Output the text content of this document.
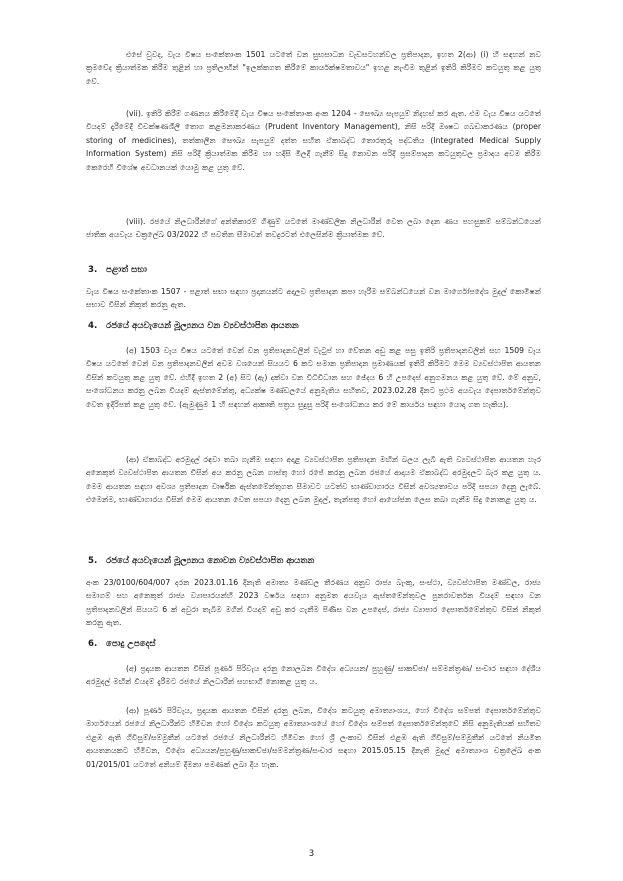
එසේ වුවද, වැය විෂය සංකේතාංක 1501 යටතේ වන සුභසාධන වැඩසටහන්වල ප්‍රතිපාදන, ඉහත 2(ආ) (i) හි සඳහන් නව ක්‍රමවේද ක්‍රියාත්මක කිරීම තුළින් හා ප්‍රතිලාභීන් "ඉලක්කගත කිරීමේ කාර්යක්ෂමතාවය" ඉහළ නැංවීම තුළින් ඉතිරි කිරීමට කටයුතු කළ යුතු වේ.

(vii). ඉතිරි කිරීම් ගණනය කිරීමේදී වැය විෂය සංකේතාංක අංක 1204 - සෞඛ්‍ය සැපයුම් නිදහස් කර ඇත. එම වැය විෂය යටතේ වියදම් දැරීමේදී විචක්ෂණශීලී තොග කළමනාකරණය (Prudent Inventory Management), නිසි පරිදි ඖෂධ ගබඩාකරණය (proper storing of medicines), තත්කාලීන සෞඛ්‍ය සැපයුම් දත්ත සහිත ඒකාබද්ධ තොරතුරු පද්ධතිය (Integrated Medical Supply Information System) නිසි පරිදි ක්‍රියාත්මක කිරීම හා හදිසි මිලදී ගැනීම් සිදු නොවන පරිදි ප්‍රසම්පාදන කටයුතුවල ප්‍රමාදය අවම කිරීම කෙරෙහි විශේෂ අවධානයක් යොමු කළ යුතු වේ.

(viii). රජයේ නිලධාරීන්ගේ අන්තිකාරම් ගිණුම් යටතේ මාණ්ඩලික නිලධාරීන් වෙත ලබා දෙන ණය පහසුකම් සම්බන්ධයෙන් ජාතික අයවැය චක්‍රලේඛ 03/2022 හි පවතින සීමාවන් තවදුරටත් එලෙසින්ම ක්‍රියාත්මක වේ.

3. පළාත් සභා

වැය විෂය සංකේතාංක 1507 - පළාත් සභා සඳහා ප්‍රදානයන්ට අදාලව ප්‍රතිපාදන කපා හැරීම සම්බන්ධයෙන් වන මාර්ගෝපදේශ මුදල් කොමිෂන් සභාව විසින් නිකුත් කරනු ඇත.

4. රජයේ අයවැයෙන් මූල්‍යනය වන ව්‍යවස්ථාපිත ආයතන

(අ) 1503 වැය විෂය යටතේ වෙන් වන ප්‍රතිපාදනවලින් වැටුප් හා වේතන අඩු කළ පසු ඉතිරි ප්‍රතිපාදනවලින් සහ 1509 වැය විෂය යටතේ වෙන් වන ප්‍රතිපාදනවලින් අවම වශයෙන් සියයට 6 කට සමාන ප්‍රතිපාදන ප්‍රමාණයක් ඉතිරි කිරීමට මෙම ව්‍යවස්ථාපිත ආයතන විසින් කටයුතු කළ යුතු වේ. එහිදී ඉහත 2 (අ) සිට (ඇ) දක්වා වන විධිවිධාන සහ ඡේදය 6 හි උපදෙස් අනුගමනය කළ යුතු වේ. මේ අනුව, සංශෝධනය කරනු ලබන වියදම් ඇස්තමේන්තු, අධ්‍යක්ෂ මණ්ඩලයේ අනුමැතිය සහිතව, 2023.02.28 දිනට ප්‍රථම අයවැය දෙපාර්තමේන්තුව වෙත ඉදිරිපත් කළ යුතු වේ. (ඇමුණුම 1 හි සඳහන් ආකෘති පත්‍රය සුදුසු පරිදි සංශෝධනය කර මේ කාර්යය සඳහා යොදා ගත හැකිය).

(ආ) ඒකාබද්ධ අරමුදල් රඳවා තබා ගැනීම සඳහා අදාළ ව්‍යවස්ථාපිත ප්‍රතිපාදන මඟින් බලය ලැබී ඇති ව්‍යවස්ථාපිත ආයතන හැර අනෙකුත් ව්‍යවස්ථාපිත ආයතන විසින් අය කරනු ලබන ගාස්තු හෝ රජේ කරනු ලබන රජයේ ආදායම ඒකාබද්ධ අරමුදලට බැර කළ යුතු ය. මෙම ආයතන සඳහා අවශ්‍ය ප්‍රතිපාදන වාර්ෂික ඇස්තමේන්තුගත සීමාවට යටත්ව භාණ්ඩාගාරය විසින් අවශ්‍යතාවය පරිදි සපයා දෙනු ලැබේ. එමෙන්ම, භාණ්ඩාගාරය විසින් මෙම ආයතන වෙත සපයා දෙනු ලබන මුදල්, තැන්පතු හෝ ආයෝජන ලෙස තබා ගැනීම සිදු නොකළ යුතු ය.

5. රජයේ අයවැයෙන් මූල්‍යනය නොවන ව්‍යවස්ථාපිත ආයතන

අංක 23/0100/604/007 දරන 2023.01.16 දිනැති අමාත්‍ය මණ්ඩල තීරණය අනුව රාජ්‍ය බැංකු, සංස්ථා, ව්‍යවස්ථාපිත මණ්ඩල, රාජ්‍ය සමාගම් සහ අනෙකුත් රාජ්‍ය ව්‍යාපාරයන්හි 2023 වර්ෂය සඳහා අනුමත අයවැය ඇස්තමේන්තුවල පුනරාවර්තන වියදම් සඳහා වන ප්‍රතිපාදනවලින් සියයට 6 ක් අවුරා තැබීම මගින් වියදම් අඩු කර ගැනීම පිණිස වන උපදෙස්, රාජ්‍ය ව්‍යාපාර දෙපාර්තමේන්තුව විසින් නිකුත් කරනු ඇත.

6. පොදු උපදෙස්

(අ) ප්‍රදායක ආයතන විසින් පූර්ණ පිරිවැය දරනු නොලබන විදේශ අධ්‍යයන/ පුහුණු/ සාකච්ඡා/ සම්මන්ත්‍රණ/ සංචාර සඳහා දේශීය අරමුදල් මඟින් වියදම් දැරීමට රජයේ නිලධාරීන් සහභාගී නොකළ යුතු ය.

(ආ) පූර්ණ පිරිවැය, ප්‍රදායක ආයතන විසින් දරනු ලබන, විදේශ කටයුතු අමාත්‍යාංශය, හෝ විදේශ සම්පත් දෙපාර්තමේන්තුව මාර්ගයෙන් රජයේ නිලධාරීන්ට හිමිවන හෝ විදේශ කටයුතු අමාත්‍යාංශයේ හෝ විදේශ සම්පත් දෙපාර්තමේන්තුවේ නිසි අනුමැතියක් සහිතව එළඹ ඇති ගිවිසුම්/සම්මුතීන් යටතේ රජයේ නිලධාරීන්ට හිමිවන හෝ ශ්‍රී ලංකාව විසින් එළඹ ඇති ගිවිසුම්/සම්මුතීන් යටතේ නියමිත ආයතනයකට හිමිවන, විදේශ අධ්‍යයන/පුහුණු/සාකච්ඡා/සම්මන්ත්‍රණ/සංචාර සඳහා 2015.05.15 දිනැති මුදල් අමාත්‍යාංශ චක්‍රලේඛ අංක 01/2015/01 යටතේ අනියම් දීමනා පමණක් ලබා දිය හැක.

3
